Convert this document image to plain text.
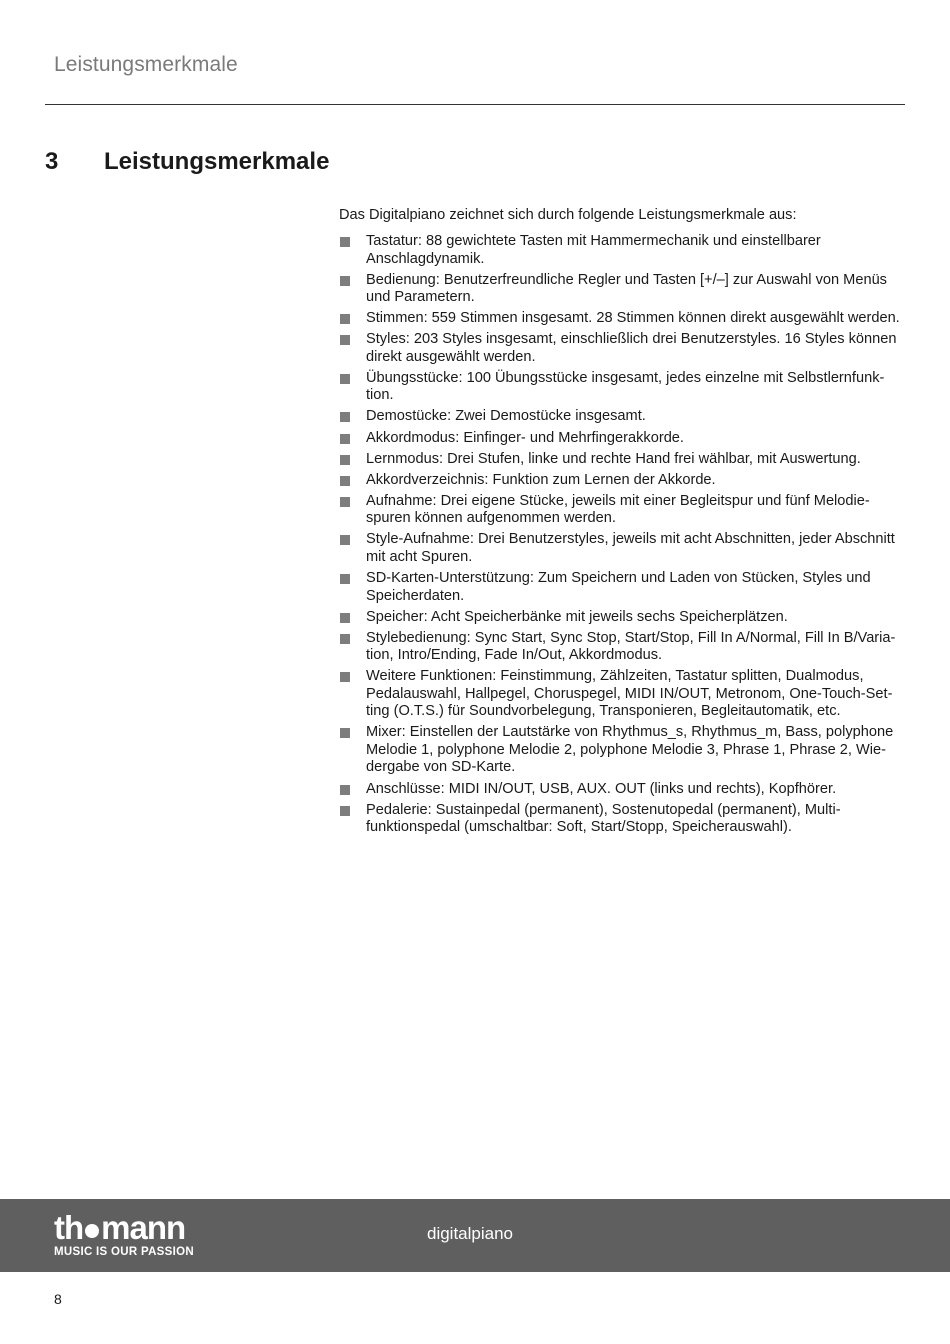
Leistungsmerkmale
3 Leistungsmerkmale

Das Digitalpiano zeichnet sich durch folgende Leistungsmerkmale aus:

Tastatur: 88 gewichtete Tasten mit Hammermechanik und einstellbarer Anschlagdynamik.
Bedienung: Benutzerfreundliche Regler und Tasten [+/–] zur Auswahl von Menüs und Parametern.
Stimmen: 559 Stimmen insgesamt. 28 Stimmen können direkt ausgewählt werden.
Styles: 203 Styles insgesamt, einschließlich drei Benutzerstyles. 16 Styles können direkt ausgewählt werden.
Übungsstücke: 100 Übungsstücke insgesamt, jedes einzelne mit Selbstlernfunktion.
Demostücke: Zwei Demostücke insgesamt.
Akkordmodus: Einfinger- und Mehrfingerakkorde.
Lernmodus: Drei Stufen, linke und rechte Hand frei wählbar, mit Auswertung.
Akkordverzeichnis: Funktion zum Lernen der Akkorde.
Aufnahme: Drei eigene Stücke, jeweils mit einer Begleitspur und fünf Melodiespuren können aufgenommen werden.
Style-Aufnahme: Drei Benutzerstyles, jeweils mit acht Abschnitten, jeder Abschnitt mit acht Spuren.
SD-Karten-Unterstützung: Zum Speichern und Laden von Stücken, Styles und Speicherdaten.
Speicher: Acht Speicherbänke mit jeweils sechs Speicherplätzen.
Stylebedienung: Sync Start, Sync Stop, Start/Stop, Fill In A/Normal, Fill In B/Variation, Intro/Ending, Fade In/Out, Akkordmodus.
Weitere Funktionen: Feinstimmung, Zählzeiten, Tastatur splitten, Dualmodus, Pedalauswahl, Hallpegel, Choruspegel, MIDI IN/OUT, Metronom, One-Touch-Setting (O.T.S.) für Soundvorbelegung, Transponieren, Begleitautomatik, etc.
Mixer: Einstellen der Lautstärke von Rhythmus_s, Rhythmus_m, Bass, polyphone Melodie 1, polyphone Melodie 2, polyphone Melodie 3, Phrase 1, Phrase 2, Wiedergabe von SD-Karte.
Anschlüsse: MIDI IN/OUT, USB, AUX. OUT (links und rechts), Kopfhörer.
Pedalerie: Sustainpedal (permanent), Sostenutopedal (permanent), Multifunktionspedal (umschaltbar: Soft, Start/Stopp, Speicherauswahl).
th mann
MUSIC IS OUR PASSION
digitalpiano
8
